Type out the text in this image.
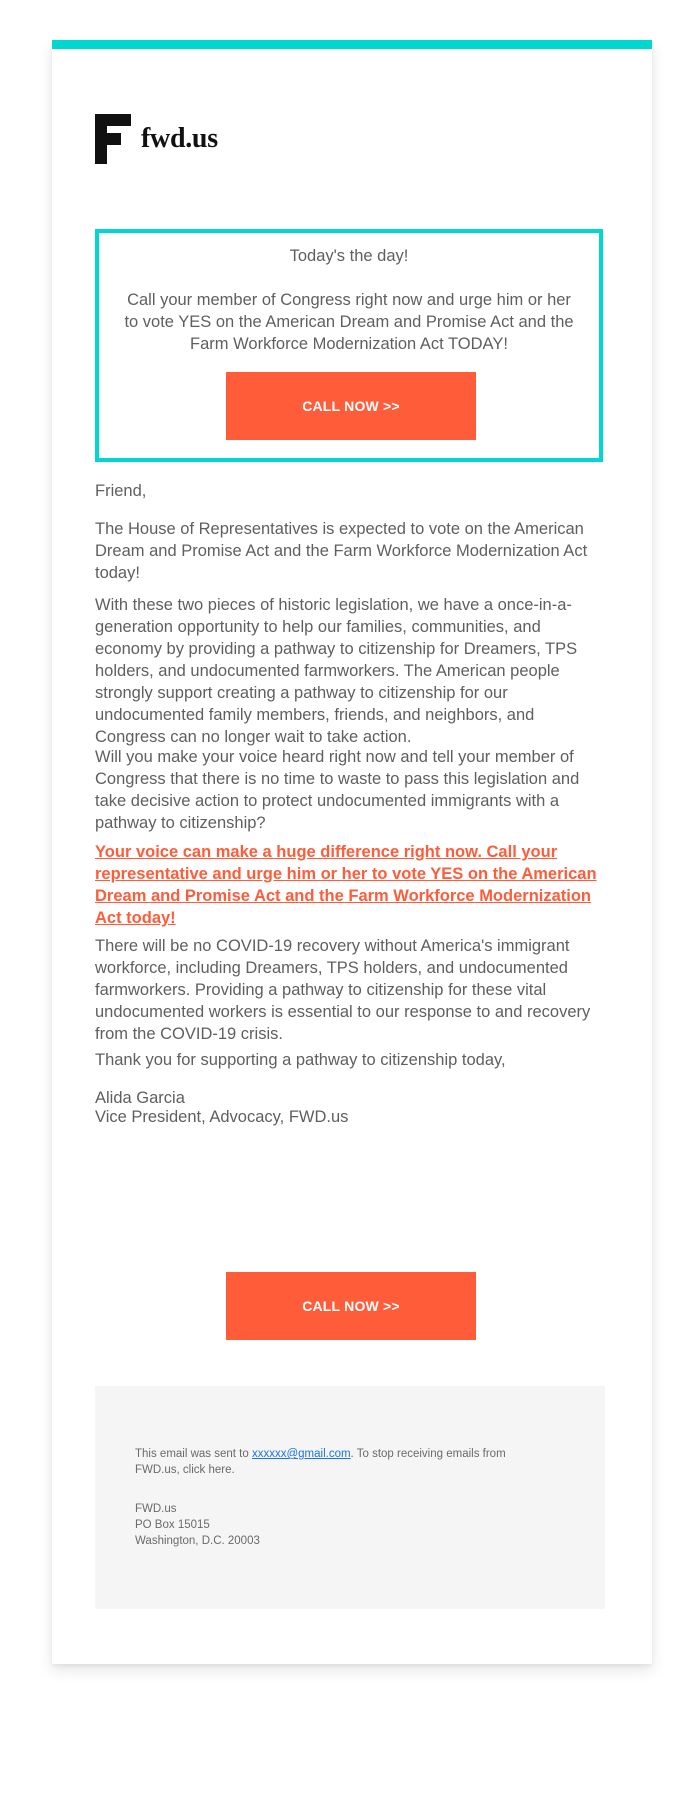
fwd.us
Today's the day!
Call your member of Congress right now and urge him or her to vote YES on the American Dream and Promise Act and the Farm Workforce Modernization Act TODAY!
CALL NOW >>

Friend,

The House of Representatives is expected to vote on the American Dream and Promise Act and the Farm Workforce Modernization Act today!

With these two pieces of historic legislation, we have a once-in-a-generation opportunity to help our families, communities, and economy by providing a pathway to citizenship for Dreamers, TPS holders, and undocumented farmworkers. The American people strongly support creating a pathway to citizenship for our undocumented family members, friends, and neighbors, and Congress can no longer wait to take action.

Will you make your voice heard right now and tell your member of Congress that there is no time to waste to pass this legislation and take decisive action to protect undocumented immigrants with a pathway to citizenship?

Your voice can make a huge difference right now. Call your representative and urge him or her to vote YES on the American Dream and Promise Act and the Farm Workforce Modernization Act today!

There will be no COVID-19 recovery without America's immigrant workforce, including Dreamers, TPS holders, and undocumented farmworkers. Providing a pathway to citizenship for these vital undocumented workers is essential to our response to and recovery from the COVID-19 crisis.

Thank you for supporting a pathway to citizenship today,

Alida Garcia

Vice President, Advocacy, FWD.us

CALL NOW >>
This email was sent to xxxxxx@gmail.com. To stop receiving emails from FWD.us, click here.
FWD.us
PO Box 15015
Washington, D.C. 20003
